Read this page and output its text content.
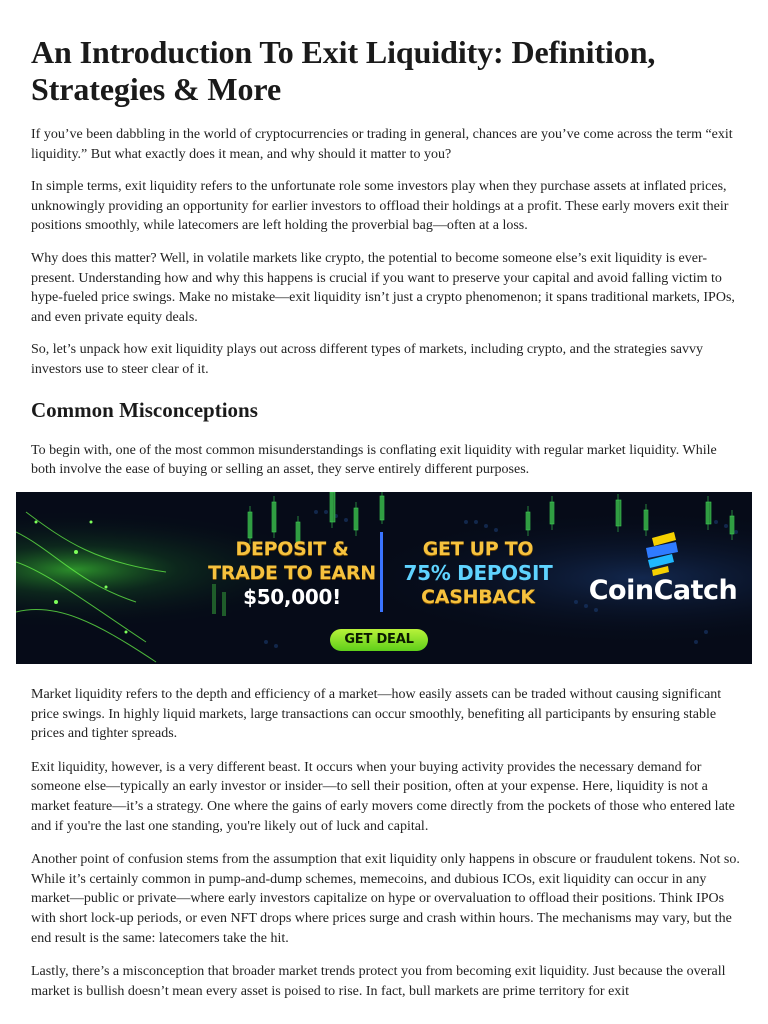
An Introduction To Exit Liquidity: Definition, Strategies & More

If you’ve been dabbling in the world of cryptocurrencies or trading in general, chances are you’ve come across the term “exit liquidity.” But what exactly does it mean, and why should it matter to you?

In simple terms, exit liquidity refers to the unfortunate role some investors play when they purchase assets at inflated prices, unknowingly providing an opportunity for earlier investors to offload their holdings at a profit. These early movers exit their positions smoothly, while latecomers are left holding the proverbial bag—often at a loss.

Why does this matter? Well, in volatile markets like crypto, the potential to become someone else’s exit liquidity is ever-present. Understanding how and why this happens is crucial if you want to preserve your capital and avoid falling victim to hype-fueled price swings. Make no mistake—exit liquidity isn’t just a crypto phenomenon; it spans traditional markets, IPOs, and even private equity deals.

So, let’s unpack how exit liquidity plays out across different types of markets, including crypto, and the strategies savvy investors use to steer clear of it.

Common Misconceptions

To begin with, one of the most common misunderstandings is conflating exit liquidity with regular market liquidity. While both involve the ease of buying or selling an asset, they serve entirely different purposes.

DEPOSIT &
TRADE TO EARN
$50,000!
GET UP TO
75% DEPOSIT
CASHBACK
GET DEAL
CoinCatch

Market liquidity refers to the depth and efficiency of a market—how easily assets can be traded without causing significant price swings. In highly liquid markets, large transactions can occur smoothly, benefiting all participants by ensuring stable prices and tighter spreads.

Exit liquidity, however, is a very different beast. It occurs when your buying activity provides the necessary demand for someone else—typically an early investor or insider—to sell their position, often at your expense. Here, liquidity is not a market feature—it’s a strategy. One where the gains of early movers come directly from the pockets of those who entered late and if you're the last one standing, you're likely out of luck and capital.

Another point of confusion stems from the assumption that exit liquidity only happens in obscure or fraudulent tokens. Not so. While it’s certainly common in pump-and-dump schemes, memecoins, and dubious ICOs, exit liquidity can occur in any market—public or private—where early investors capitalize on hype or overvaluation to offload their positions. Think IPOs with short lock-up periods, or even NFT drops where prices surge and crash within hours. The mechanisms may vary, but the end result is the same: latecomers take the hit.

Lastly, there’s a misconception that broader market trends protect you from becoming exit liquidity. Just because the overall market is bullish doesn’t mean every asset is poised to rise. In fact, bull markets are prime territory for exit
